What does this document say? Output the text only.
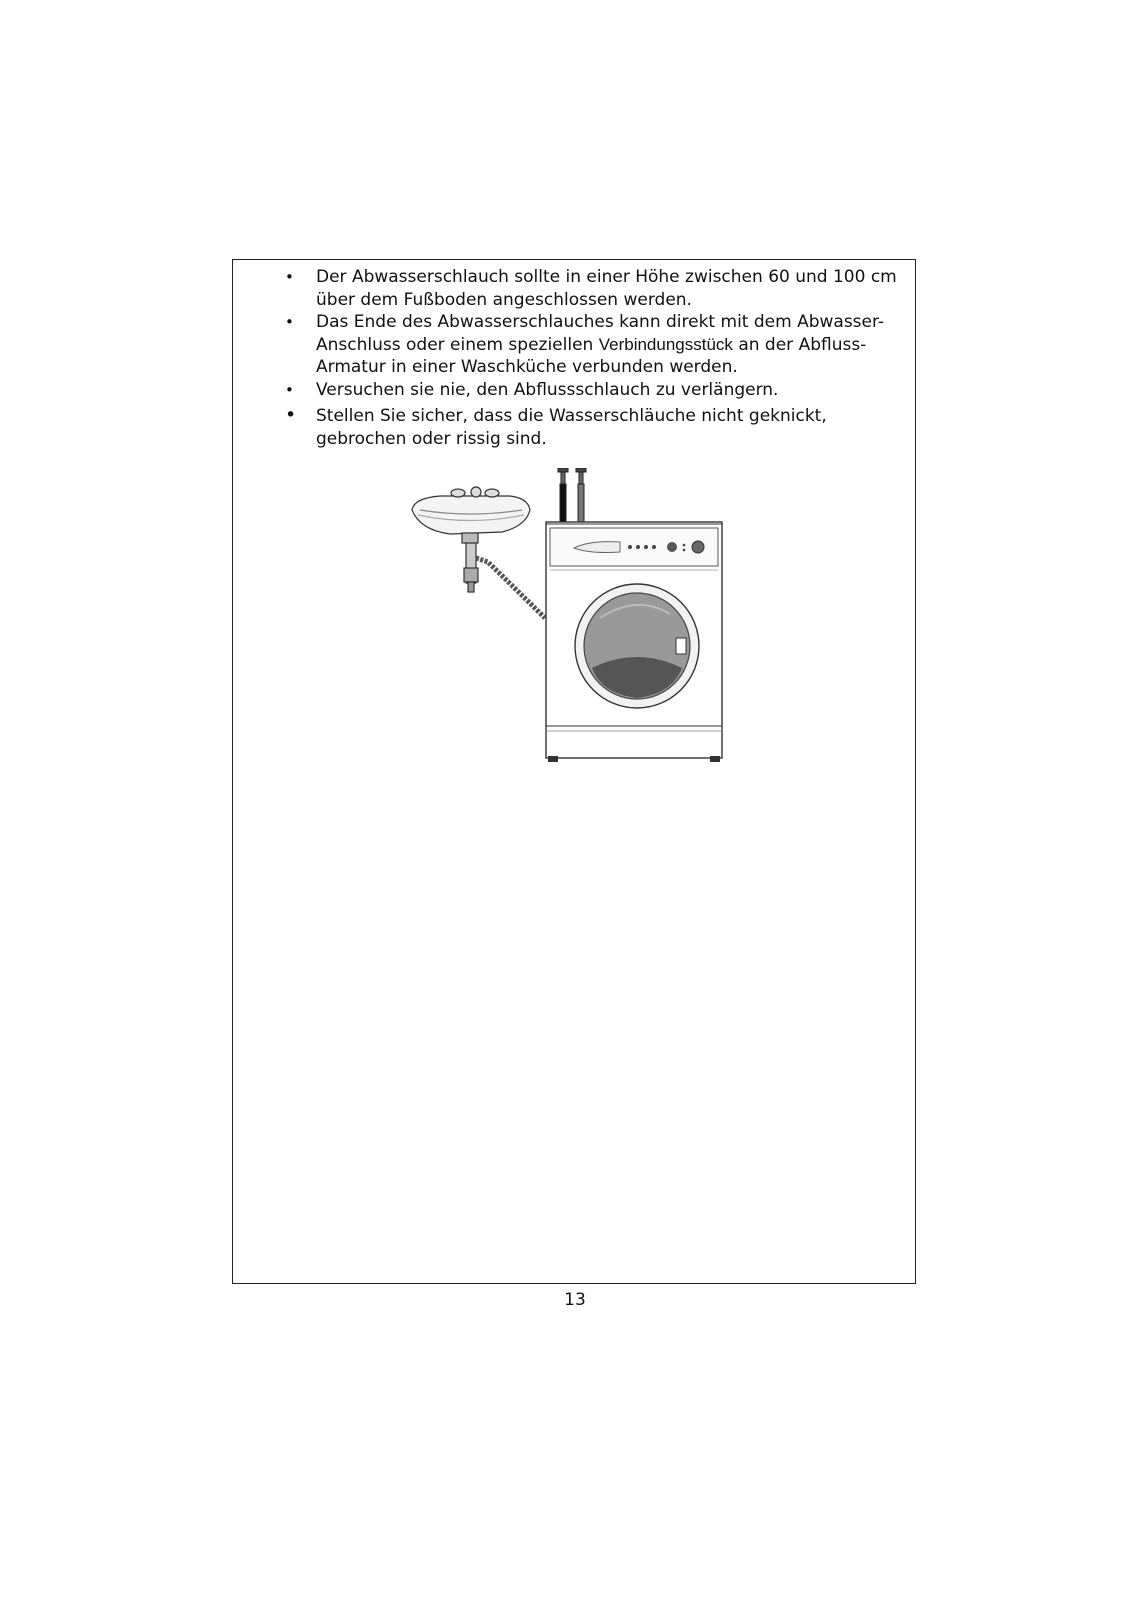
• Der Abwasserschlauch sollte in einer Höhe zwischen 60 und 100 cm über dem Fußboden angeschlossen werden.
• Das Ende des Abwasserschlauches kann direkt mit dem Abwasser-Anschluss oder einem speziellen Verbindungsstück an der Abfluss-Armatur in einer Waschküche verbunden werden.
• Versuchen sie nie, den Abflussschlauch zu verlängern.
• Stellen Sie sicher, dass die Wasserschläuche nicht geknickt, gebrochen oder rissig sind.
13
